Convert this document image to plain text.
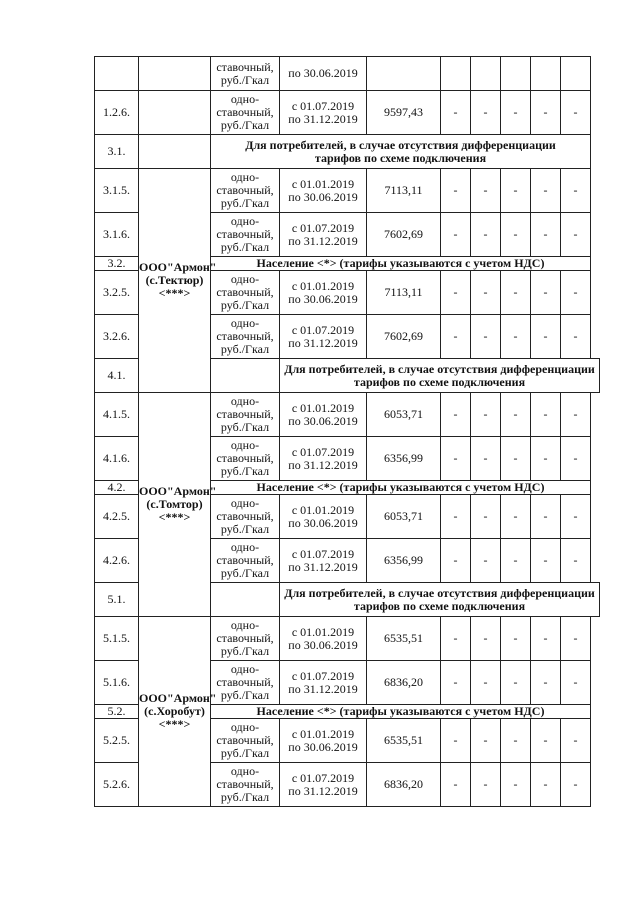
		ставочный,
руб./Гкал	по 30.06.2019						

1.2.6.		одно-
ставочный,
руб./Гкал	с 01.07.2019
по 31.12.2019	9597,43	-	-	-	-	-
3.1.		Для потребителей, в случае отсутствия дифференциации
тарифов по схеме подключения							

3.1.5.	ООО"Армон"(с.Тектюр)<***>	одно-
ставочный,
руб./Гкал	с 01.01.2019
по 30.06.2019	7113,11	-	-	-	-	-
3.1.6.		одно-
ставочный,
руб./Гкал	с 01.07.2019
по 31.12.2019	7602,69	-	-	-	-	-
3.2.		Население <*> (тарифы указываются с учетом НДС)							
3.2.5.		одно-
ставочный,
руб./Гкал	с 01.01.2019
по 30.06.2019	7113,11	-	-	-	-	-
3.2.6.		одно-
ставочный,
руб./Гкал	с 01.07.2019
по 31.12.2019	7602,69	-	-	-	-	-
4.1.			Для потребителей, в случае отсутствия дифференциации
тарифов по схеме подключения						

4.1.5.	ООО"Армон"(с.Томтор)<***>	одно-
ставочный,
руб./Гкал	с 01.01.2019
по 30.06.2019	6053,71	-	-	-	-	-
4.1.6.		одно-
ставочный,
руб./Гкал	с 01.07.2019
по 31.12.2019	6356,99	-	-	-	-	-
4.2.		Население <*> (тарифы указываются с учетом НДС)							
4.2.5.		одно-
ставочный,
руб./Гкал	с 01.01.2019
по 30.06.2019	6053,71	-	-	-	-	-
4.2.6.		одно-
ставочный,
руб./Гкал	с 01.07.2019
по 31.12.2019	6356,99	-	-	-	-	-
5.1.			Для потребителей, в случае отсутствия дифференциации
тарифов по схеме подключения						

5.1.5.	ООО"Армон"(с.Хоробут)<***>	одно-
ставочный,
руб./Гкал	с 01.01.2019
по 30.06.2019	6535,51	-	-	-	-	-
5.1.6.		одно-
ставочный,
руб./Гкал	с 01.07.2019
по 31.12.2019	6836,20	-	-	-	-	-
5.2.		Население <*> (тарифы указываются с учетом НДС)							
5.2.5.		одно-
ставочный,
руб./Гкал	с 01.01.2019
по 30.06.2019	6535,51	-	-	-	-	-
5.2.6.		одно-
ставочный,
руб./Гкал	с 01.07.2019
по 31.12.2019	6836,20	-	-	-	-	-
